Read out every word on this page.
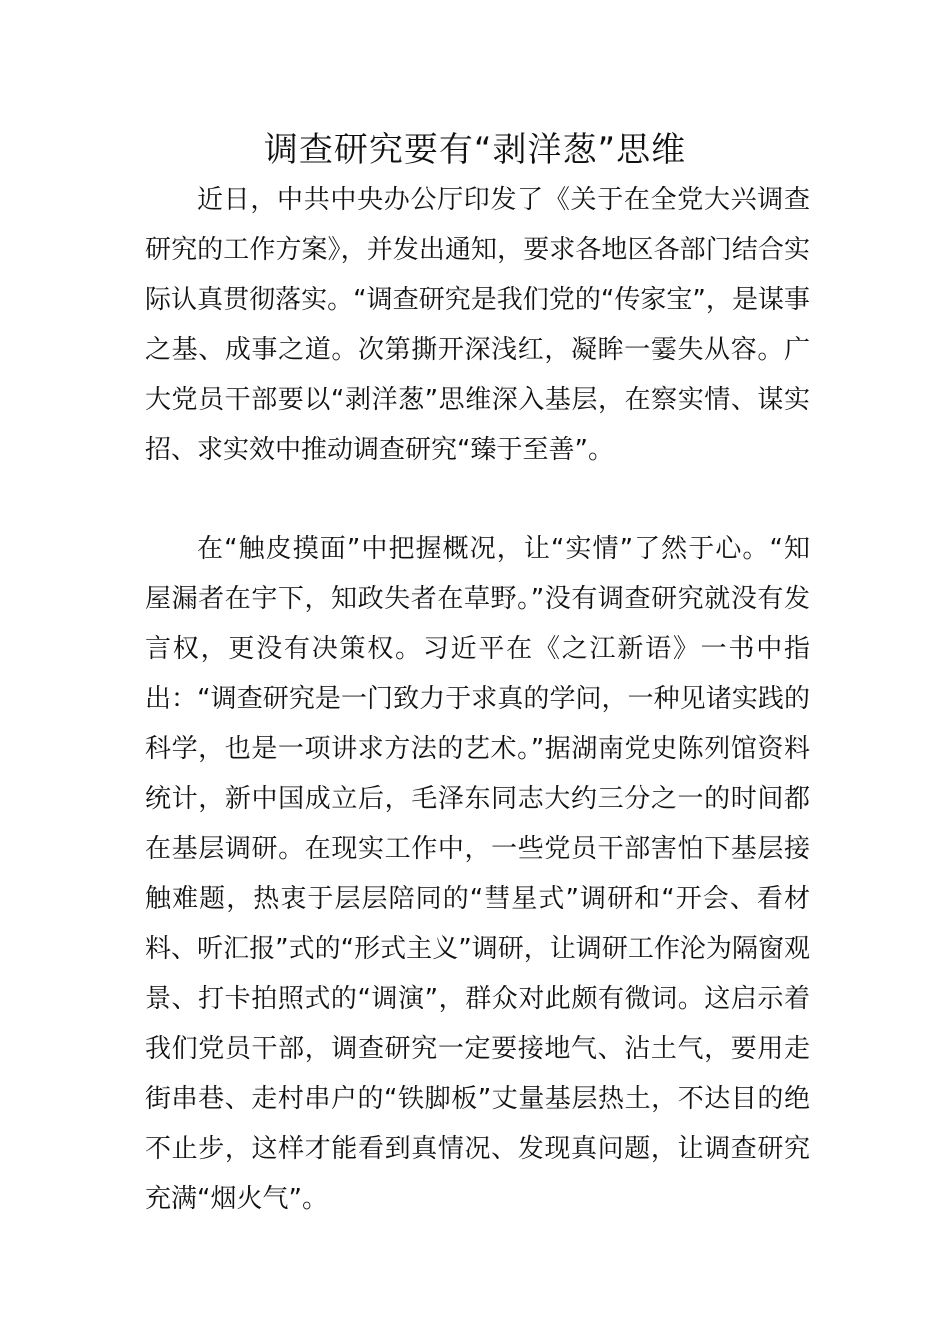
调查研究要有“剥洋葱”思维

近日，中共中央办公厅印发了《关于在全党大兴调查研究的工作方案》，并发出通知，要求各地区各部门结合实际认真贯彻落实。“调查研究是我们党的“传家宝”，是谋事之基、成事之道。次第撕开深浅红，凝眸一霎失从容。广大党员干部要以“剥洋葱”思维深入基层，在察实情、谋实招、求实效中推动调查研究“臻于至善”。

在“触皮摸面”中把握概况，让“实情”了然于心。“知屋漏者在宇下，知政失者在草野。”没有调查研究就没有发言权，更没有决策权。习近平在《之江新语》一书中指出：“调查研究是一门致力于求真的学问，一种见诸实践的科学，也是一项讲求方法的艺术。”据湖南党史陈列馆资料统计，新中国成立后，毛泽东同志大约三分之一的时间都在基层调研。在现实工作中，一些党员干部害怕下基层接触难题，热衷于层层陪同的“彗星式”调研和“开会、看材料、听汇报”式的“形式主义”调研，让调研工作沦为隔窗观景、打卡拍照式的“调演”，群众对此颇有微词。这启示着我们党员干部，调查研究一定要接地气、沾土气，要用走街串巷、走村串户的“铁脚板”丈量基层热土，不达目的绝不止步，这样才能看到真情况、发现真问题，让调查研究充满“烟火气”。
